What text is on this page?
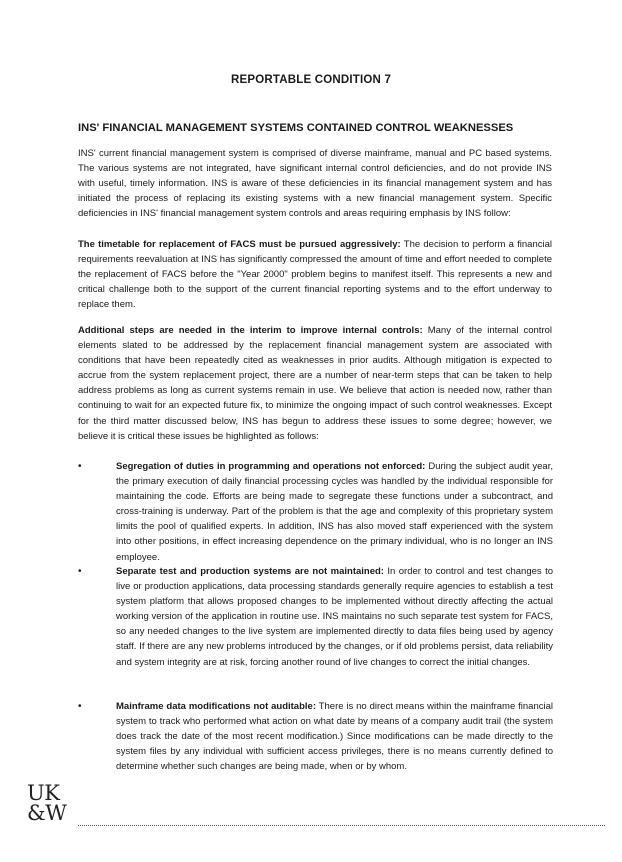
REPORTABLE CONDITION 7
INS' FINANCIAL MANAGEMENT SYSTEMS CONTAINED CONTROL WEAKNESSES

INS' current financial management system is comprised of diverse mainframe, manual and PC based systems. The various systems are not integrated, have significant internal control deficiencies, and do not provide INS with useful, timely information. INS is aware of these deficiencies in its financial management system and has initiated the process of replacing its existing systems with a new financial management system. Specific deficiencies in INS' financial management system controls and areas requiring emphasis by INS follow:

The timetable for replacement of FACS must be pursued aggressively: The decision to perform a financial requirements reevaluation at INS has significantly compressed the amount of time and effort needed to complete the replacement of FACS before the "Year 2000" problem begins to manifest itself. This represents a new and critical challenge both to the support of the current financial reporting systems and to the effort underway to replace them.

Additional steps are needed in the interim to improve internal controls: Many of the internal control elements slated to be addressed by the replacement financial management system are associated with conditions that have been repeatedly cited as weaknesses in prior audits. Although mitigation is expected to accrue from the system replacement project, there are a number of near-term steps that can be taken to help address problems as long as current systems remain in use. We believe that action is needed now, rather than continuing to wait for an expected future fix, to minimize the ongoing impact of such control weaknesses. Except for the third matter discussed below, INS has begun to address these issues to some degree; however, we believe it is critical these issues be highlighted as follows:

•	Segregation of duties in programming and operations not enforced: During the subject audit year, the primary execution of daily financial processing cycles was handled by the individual responsible for maintaining the code. Efforts are being made to segregate these functions under a subcontract, and cross-training is underway. Part of the problem is that the age and complexity of this proprietary system limits the pool of qualified experts. In addition, INS has also moved staff experienced with the system into other positions, in effect increasing dependence on the primary individual, who is no longer an INS employee.

•	Separate test and production systems are not maintained: In order to control and test changes to live or production applications, data processing standards generally require agencies to establish a test system platform that allows proposed changes to be implemented without directly affecting the actual working version of the application in routine use. INS maintains no such separate test system for FACS, so any needed changes to the live system are implemented directly to data files being used by agency staff. If there are any new problems introduced by the changes, or if old problems persist, data reliability and system integrity are at risk, forcing another round of live changes to correct the initial changes.

•	Mainframe data modifications not auditable: There is no direct means within the mainframe financial system to track who performed what action on what date by means of a company audit trail (the system does track the date of the most recent modification.) Since modifications can be made directly to the system files by any individual with sufficient access privileges, there is no means currently defined to determine whether such changes are being made, when or by whom.

UK
&W
